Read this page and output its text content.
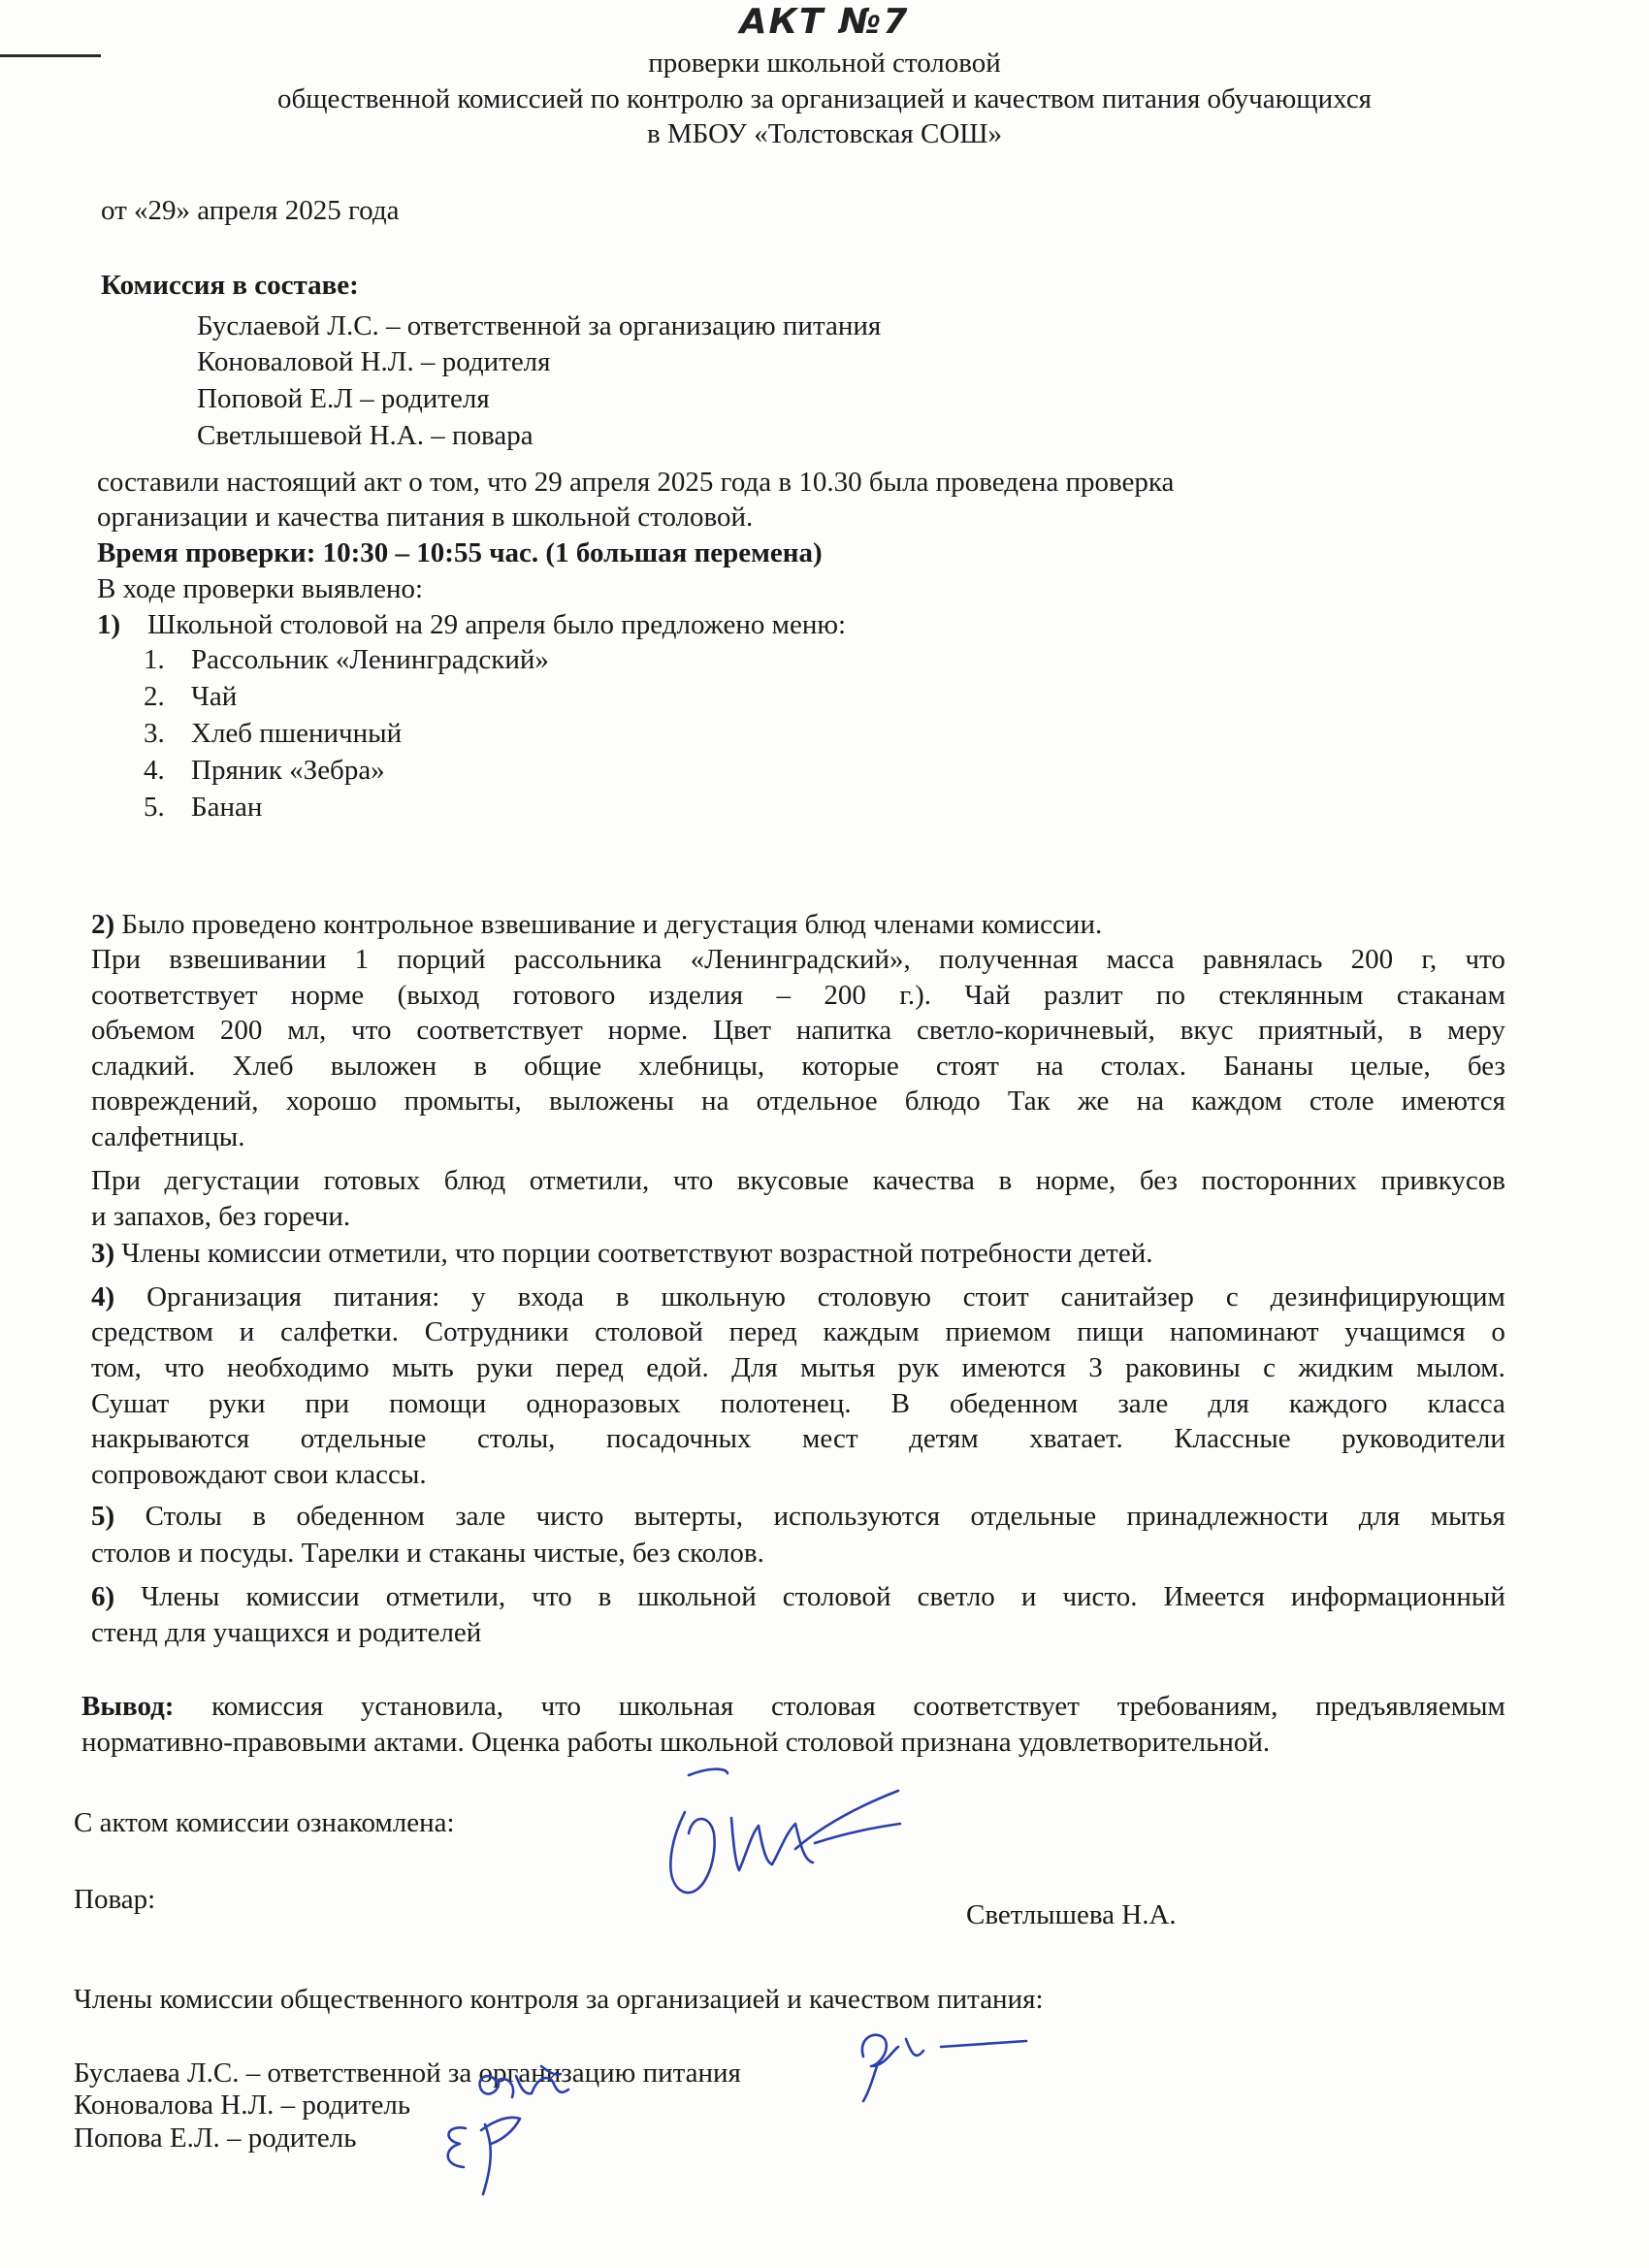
АКТ №7
проверки школьной столовой
общественной комиссией по контролю за организацией и качеством питания обучающихся
в МБОУ «Толстовская СОШ»
от «29» апреля 2025 года
Комиссия в составе:
Буслаевой Л.С. – ответственной за организацию питания
Коноваловой Н.Л. – родителя
Поповой Е.Л – родителя
Светлышевой Н.А. – повара
составили настоящий акт о том, что 29 апреля 2025 года в 10.30 была проведена проверка
организации и качества питания в школьной столовой.
Время проверки: 10:30 – 10:55 час. (1 большая перемена)
В ходе проверки выявлено:
1) Школьной столовой на 29 апреля было предложено меню:
1. Рассольник «Ленинградский»
2. Чай
3. Хлеб пшеничный
4. Пряник «Зебра»
5. Банан
2) Было проведено контрольное взвешивание и дегустация блюд членами комиссии.
При взвешивании 1 порций рассольника «Ленинградский», полученная масса равнялась 200 г, что
соответствует норме (выход готового изделия – 200 г.). Чай разлит по стеклянным стаканам
объемом 200 мл, что соответствует норме. Цвет напитка светло-коричневый, вкус приятный, в меру
сладкий. Хлеб выложен в общие хлебницы, которые стоят на столах. Бананы целые, без
повреждений, хорошо промыты, выложены на отдельное блюдо Так же на каждом столе имеются
салфетницы.
При дегустации готовых блюд отметили, что вкусовые качества в норме, без посторонних привкусов
и запахов, без горечи.
3) Члены комиссии отметили, что порции соответствуют возрастной потребности детей.
4) Организация питания: у входа в школьную столовую стоит санитайзер с дезинфицирующим
средством и салфетки. Сотрудники столовой перед каждым приемом пищи напоминают учащимся о
том, что необходимо мыть руки перед едой. Для мытья рук имеются 3 раковины с жидким мылом.
Сушат руки при помощи одноразовых полотенец. В обеденном зале для каждого класса
накрываются отдельные столы, посадочных мест детям хватает. Классные руководители
сопровождают свои классы.
5) Столы в обеденном зале чисто вытерты, используются отдельные принадлежности для мытья
столов и посуды. Тарелки и стаканы чистые, без сколов.
6) Члены комиссии отметили, что в школьной столовой светло и чисто. Имеется информационный
стенд для учащихся и родителей
Вывод: комиссия установила, что школьная столовая соответствует требованиям, предъявляемым
нормативно-правовыми актами. Оценка работы школьной столовой признана удовлетворительной.
С актом комиссии ознакомлена:
Повар:	Светлышева Н.А.
Члены комиссии общественного контроля за организацией и качеством питания:
Буслаева Л.С. – ответственной за организацию питания
Коновалова Н.Л. – родитель
Попова Е.Л. – родитель
